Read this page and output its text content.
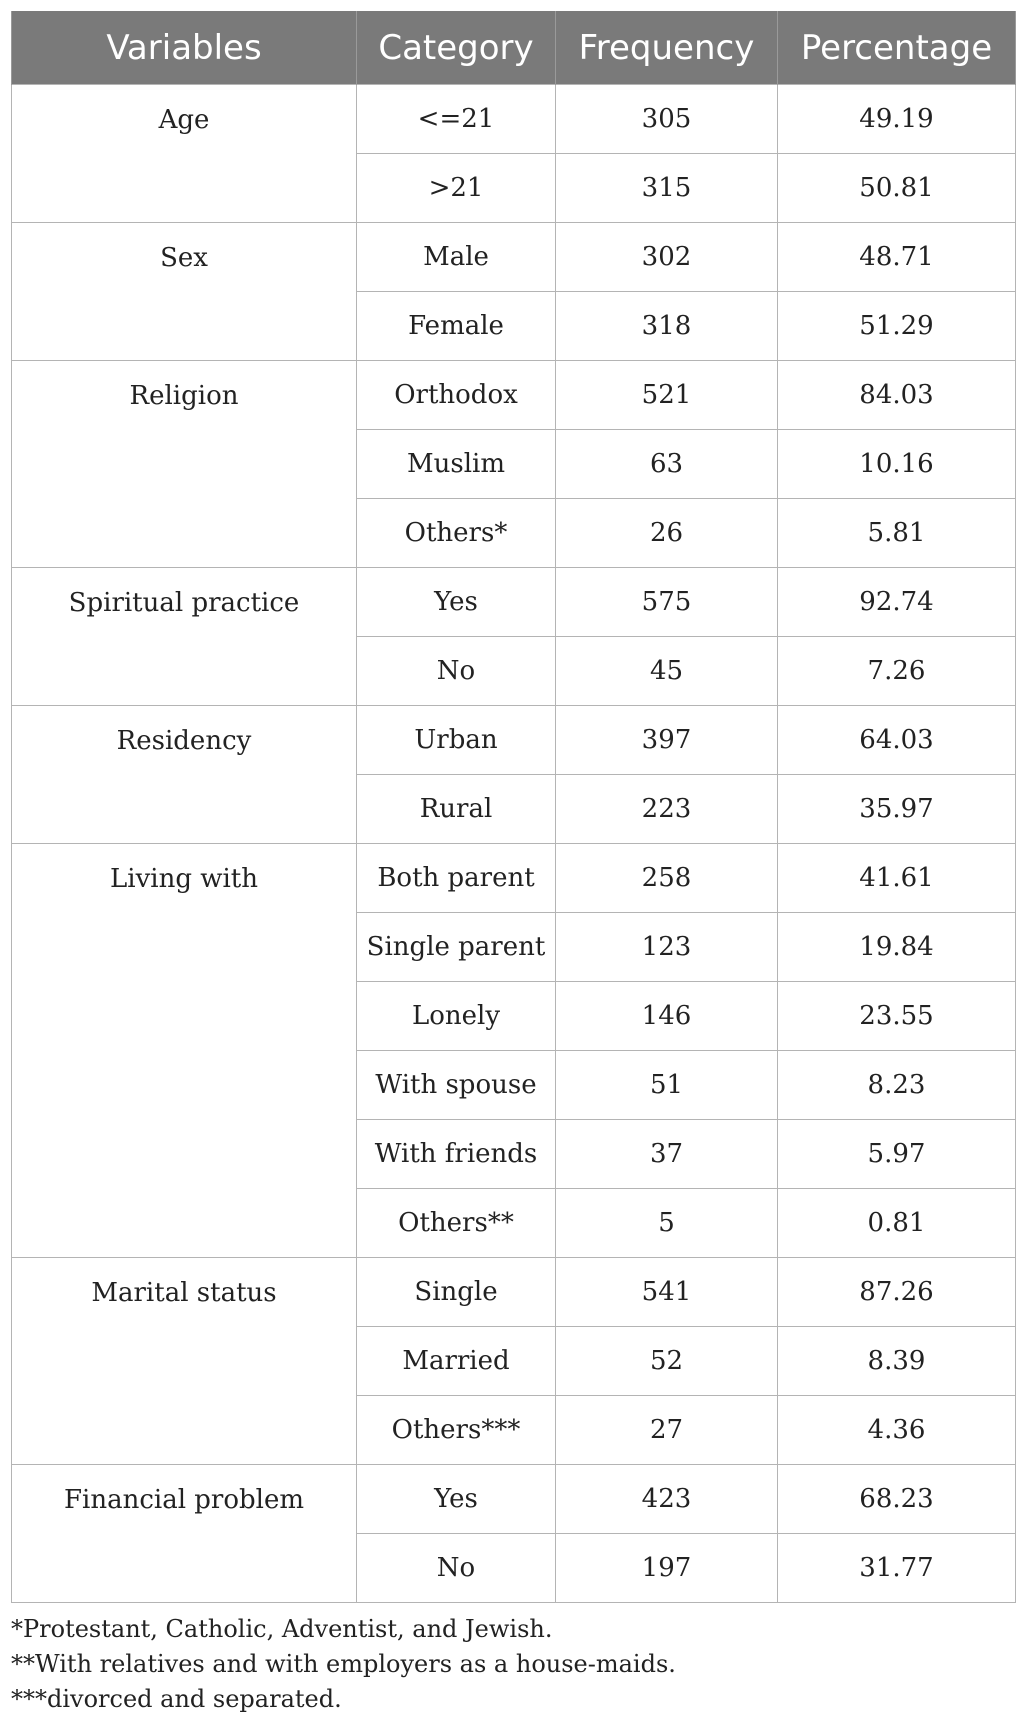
Variables	Category	Frequency	Percentage
Age	<=21	305	49.19
	>21	315	50.81
Sex	Male	302	48.71
	Female	318	51.29
Religion	Orthodox	521	84.03
	Muslim	63	10.16
	Others*	26	5.81
Spiritual practice	Yes	575	92.74
	No	45	7.26
Residency	Urban	397	64.03
	Rural	223	35.97
Living with	Both parent	258	41.61
	Single parent	123	19.84
	Lonely	146	23.55
	With spouse	51	8.23
	With friends	37	5.97
	Others**	5	0.81
Marital status	Single	541	87.26
	Married	52	8.39
	Others***	27	4.36
Financial problem	Yes	423	68.23
	No	197	31.77
*Protestant, Catholic, Adventist, and Jewish.
**With relatives and with employers as a house-maids.
***divorced and separated.
